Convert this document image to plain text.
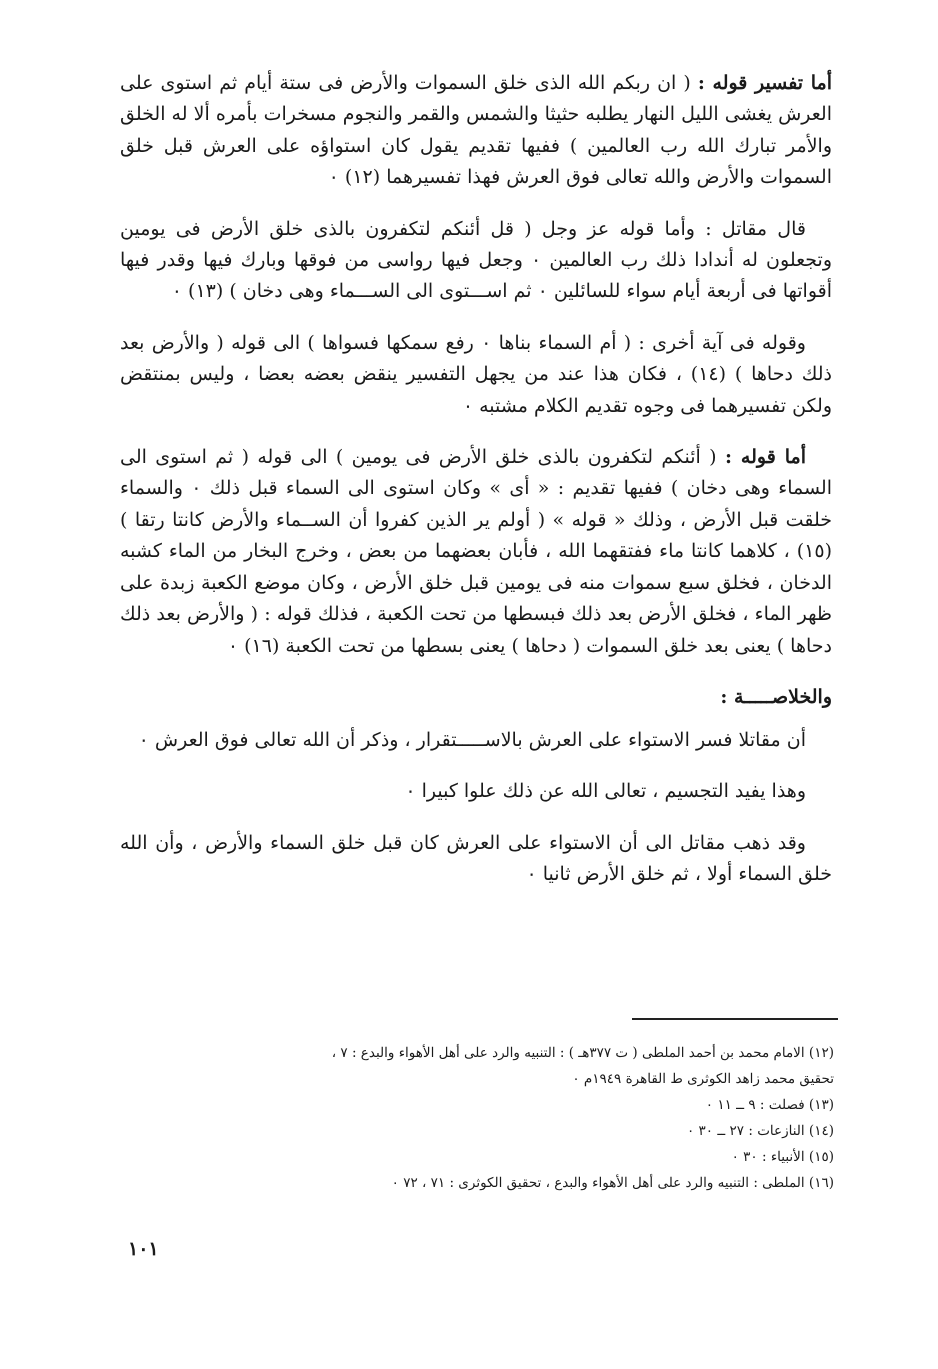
أما تفسير قوله : ( ان ربكم الله الذى خلق السموات والأرض فى ستة أيام ثم استوى على العرش يغشى الليل النهار يطلبه حثيثا والشمس والقمر والنجوم مسخرات بأمره ألا له الخلق والأمر تبارك الله رب العالمين ) ففيها تقديم يقول كان استواؤه على العرش قبل خلق السموات والأرض والله تعالى فوق العرش فهذا تفسيرهما (١٢) ٠

قال مقاتل : وأما قوله عز وجل ( قل أئنكم لتكفرون بالذى خلق الأرض فى يومين وتجعلون له أندادا ذلك رب العالمين ٠ وجعل فيها رواسى من فوقها وبارك فيها وقدر فيها أقواتها فى أربعة أيام سواء للسائلين ٠ ثم اســـتوى الى الســـماء وهى دخان ) (١٣) ٠

وقوله فى آية أخرى : ( أم السماء بناها ٠ رفع سمكها فسواها ) الى قوله ( والأرض بعد ذلك دحاها ) (١٤) ، فكان هذا عند من يجهل التفسير ينقض بعضه بعضا ، وليس بمنتقض ولكن تفسيرهما فى وجوه تقديم الكلام مشتبه ٠

أما قوله : ( أئنكم لتكفرون بالذى خلق الأرض فى يومين ) الى قوله ( ثم استوى الى السماء وهى دخان ) ففيها تقديم : « أى » وكان استوى الى السماء قبل ذلك ٠ والسماء خلقت قبل الأرض ، وذلك « قوله » ( أولم ير الذين كفروا أن الســماء والأرض كانتا رتقا ) (١٥) ، كلاهما كانتا ماء ففتقهما الله ، فأبان بعضهما من بعض ، وخرج البخار من الماء كشبه الدخان ، فخلق سبع سموات منه فى يومين قبل خلق الأرض ، وكان موضع الكعبة زبدة على ظهر الماء ، فخلق الأرض بعد ذلك فبسطها من تحت الكعبة ، فذلك قوله : ( والأرض بعد ذلك دحاها ) يعنى بعد خلق السموات ( دحاها ) يعنى بسطها من تحت الكعبة (١٦) ٠

والخلاصـــــة :

أن مقاتلا فسر الاستواء على العرش بالاســـــتقرار ، وذكر أن الله تعالى فوق العرش ٠

وهذا يفيد التجسيم ، تعالى الله عن ذلك علوا كبيرا ٠

وقد ذهب مقاتل الى أن الاستواء على العرش كان قبل خلق السماء والأرض ، وأن الله خلق السماء أولا ، ثم خلق الأرض ثانيا ٠

(١٢) الامام محمد بن أحمد الملطى ( ت ٣٧٧هـ ) : التنبيه والرد على أهل الأهواء والبدع : ٧ ،

تحقيق محمد زاهد الكوثرى ط القاهرة ١٩٤٩م ٠

(١٣) فصلت : ٩ ــ ١١ ٠

(١٤) النازعات : ٢٧ ــ ٣٠ ٠

(١٥) الأنبياء : ٣٠ ٠

(١٦) الملطى : التنبيه والرد على أهل الأهواء والبدع ، تحقيق الكوثرى : ٧١ ، ٧٢ ٠

١٠١
